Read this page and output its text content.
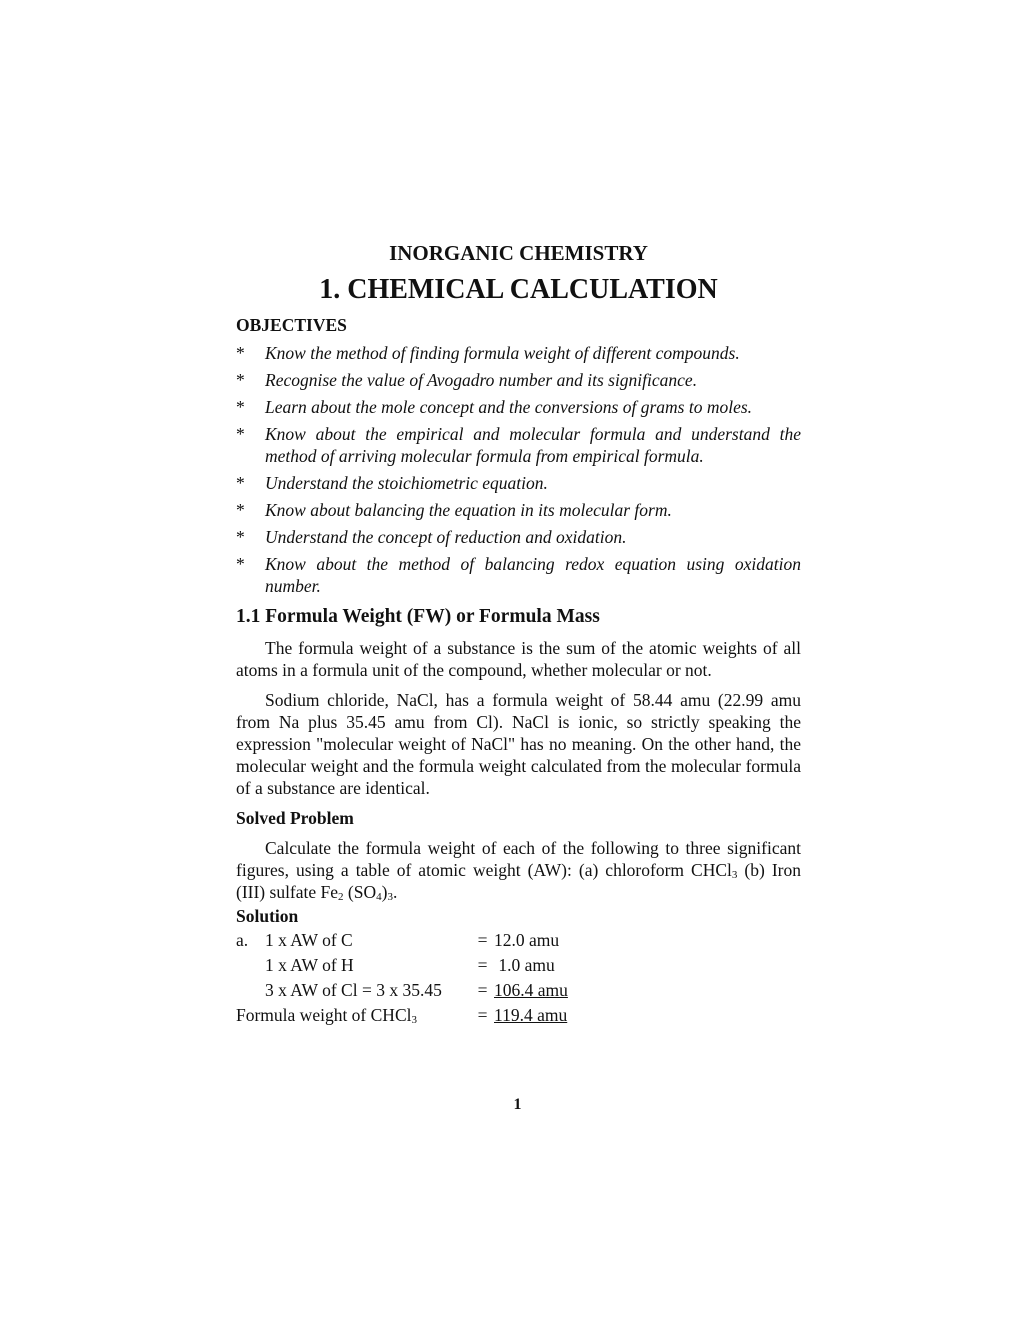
INORGANIC CHEMISTRY
1. CHEMICAL CALCULATION
OBJECTIVES
* Know the method of finding formula weight of different compounds.
* Recognise the value of Avogadro number and its significance.
* Learn about the mole concept and the conversions of grams to moles.
* Know about the empirical and molecular formula and understand the method of arriving molecular formula from empirical formula.
* Understand the stoichiometric equation.
* Know about balancing the equation in its molecular form.
* Understand the concept of reduction and oxidation.
* Know about the method of balancing redox equation using oxidation number.
1.1 Formula Weight (FW) or Formula Mass

The formula weight of a substance is the sum of the atomic weights of all atoms in a formula unit of the compound, whether molecular or not.

Sodium chloride, NaCl, has a formula weight of 58.44 amu (22.99 amu from Na plus 35.45 amu from Cl). NaCl is ionic, so strictly speaking the expression "molecular weight of NaCl" has no meaning. On the other hand, the molecular weight and the formula weight calculated from the molecular formula of a substance are identical.

Solved Problem

Calculate the formula weight of each of the following to three significant figures, using a table of atomic weight (AW): (a) chloroform CHCl$_3$ (b) Iron (III) sulfate $Fe_2$ $(SO_4)_3$.

Solution
a. 1 x AW of C	= 12.0 amu
1 x AW of H	= 1.0 amu
3 x AW of Cl = 3 x 35.45	= 106.4 amu
Formula weight of CHCl$_3$	= 119.4 amu
1
